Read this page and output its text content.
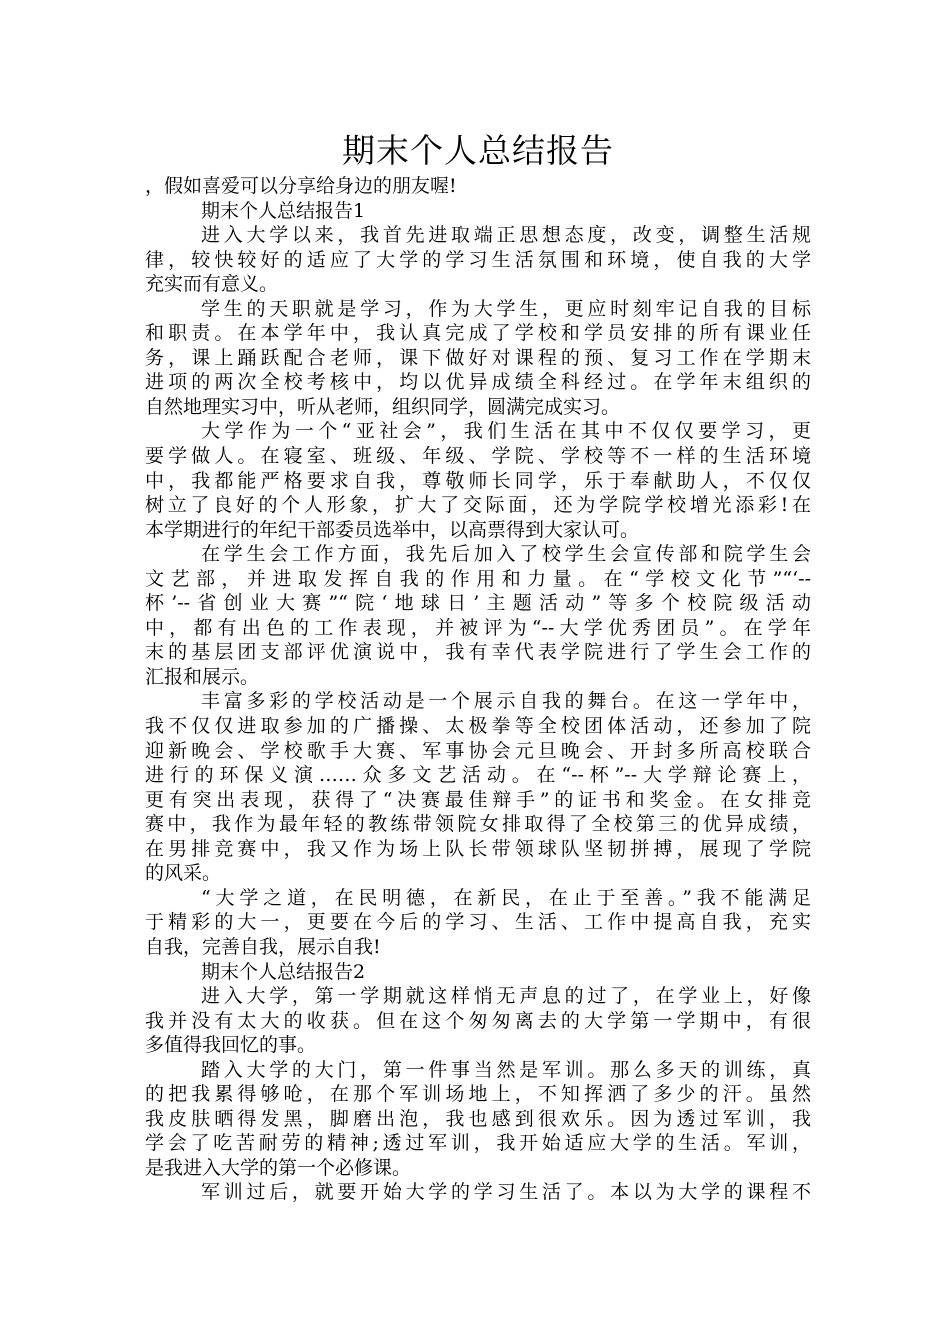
期末个人总结报告
，假如喜爱可以分享给身边的朋友喔!
期末个人总结报告1
进入大学以来，我首先进取端正思想态度，改变，调整生活规
律，较快较好的适应了大学的学习生活氛围和环境，使自我的大学
充实而有意义。
学生的天职就是学习，作为大学生，更应时刻牢记自我的目标
和职责。在本学年中，我认真完成了学校和学员安排的所有课业任
务，课上踊跃配合老师，课下做好对课程的预、复习工作在学期末
进项的两次全校考核中，均以优异成绩全科经过。在学年末组织的
自然地理实习中，听从老师，组织同学，圆满完成实习。
大学作为一个“亚社会”，我们生活在其中不仅仅要学习，更
要学做人。在寝室、班级、年级、学院、学校等不一样的生活环境
中，我都能严格要求自我，尊敬师长同学，乐于奉献助人，不仅仅
树立了良好的个人形象，扩大了交际面，还为学院学校增光添彩!在
本学期进行的年纪干部委员选举中，以高票得到大家认可。
在学生会工作方面，我先后加入了校学生会宣传部和院学生会
文艺部，并进取发挥自我的作用和力量。在“学校文化节”“‘--
杯’--省创业大赛”“院‘地球日’主题活动”等多个校院级活动
中，都有出色的工作表现，并被评为“--大学优秀团员”。在学年
末的基层团支部评优演说中，我有幸代表学院进行了学生会工作的
汇报和展示。
丰富多彩的学校活动是一个展示自我的舞台。在这一学年中，
我不仅仅进取参加的广播操、太极拳等全校团体活动，还参加了院
迎新晚会、学校歌手大赛、军事协会元旦晚会、开封多所高校联合
进行的环保义演……众多文艺活动。在“--杯”--大学辩论赛上，
更有突出表现，获得了“决赛最佳辩手”的证书和奖金。在女排竞
赛中，我作为最年轻的教练带领院女排取得了全校第三的优异成绩，
在男排竞赛中，我又作为场上队长带领球队坚韧拼搏，展现了学院
的风采。
“大学之道，在民明德，在新民，在止于至善。”我不能满足
于精彩的大一，更要在今后的学习、生活、工作中提高自我，充实
自我，完善自我，展示自我!
期末个人总结报告2
进入大学，第一学期就这样悄无声息的过了，在学业上，好像
我并没有太大的收获。但在这个匆匆离去的大学第一学期中，有很
多值得我回忆的事。
踏入大学的大门，第一件事当然是军训。那么多天的训练，真
的把我累得够呛，在那个军训场地上，不知挥洒了多少的汗。虽然
我皮肤晒得发黑，脚磨出泡，我也感到很欢乐。因为透过军训，我
学会了吃苦耐劳的精神;透过军训，我开始适应大学的生活。军训，
是我进入大学的第一个必修课。
军训过后，就要开始大学的学习生活了。本以为大学的课程不
